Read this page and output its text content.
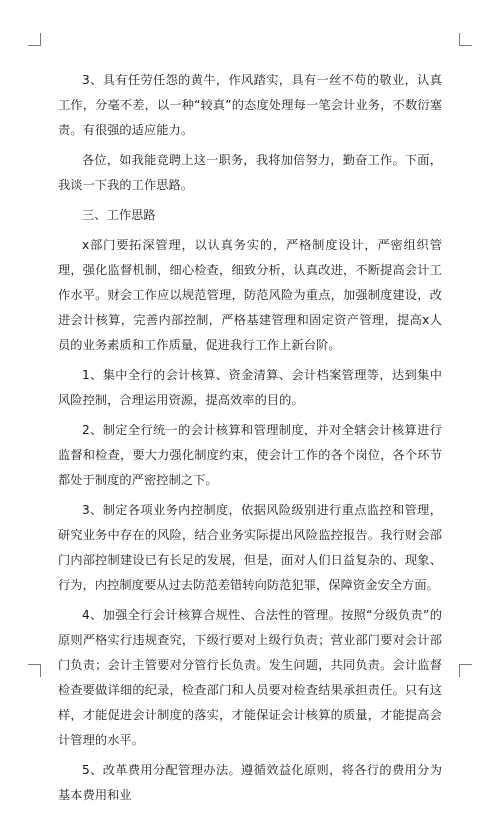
3、具有任劳任怨的黄牛，作风踏实，具有一丝不苟的敬业，认真工作，分毫不差，以一种“较真”的态度处理每一笔会计业务，不数衍塞责。有很强的适应能力。

各位，如我能竞聘上这一职务，我将加倍努力，勤奋工作。下面，我谈一下我的工作思路。

三、工作思路

x部门要拓深管理，以认真务实的，严格制度设计，严密组织管理，强化监督机制，细心检查，细致分析，认真改进，不断提高会计工作水平。财会工作应以规范管理，防范风险为重点，加强制度建设，改进会计核算，完善内部控制，严格基建管理和固定资产管理，提高x人员的业务素质和工作质量，促进我行工作上新台阶。

1、集中全行的会计核算、资金清算、会计档案管理等，达到集中风险控制，合理运用资源，提高效率的目的。

2、制定全行统一的会计核算和管理制度，并对全辖会计核算进行监督和检查，要大力强化制度约束，使会计工作的各个岗位，各个环节都处于制度的严密控制之下。

3、制定各项业务内控制度，依据风险级别进行重点监控和管理，研究业务中存在的风险，结合业务实际提出风险监控报告。我行财会部门内部控制建设已有长足的发展，但是，面对人们日益复杂的、现象、行为，内控制度要从过去防范差错转向防范犯罪，保障资金安全方面。

4、加强全行会计核算合规性、合法性的管理。按照“分级负责”的原则严格实行违规查究，下级行要对上级行负责；营业部门要对会计部门负责；会计主管要对分管行长负责。发生问题，共同负责。会计监督检查要做详细的纪录，检查部门和人员要对检查结果承担责任。只有这样，才能促进会计制度的落实，才能保证会计核算的质量，才能提高会计管理的水平。

5、改革费用分配管理办法。遵循效益化原则，将各行的费用分为基本费用和业
